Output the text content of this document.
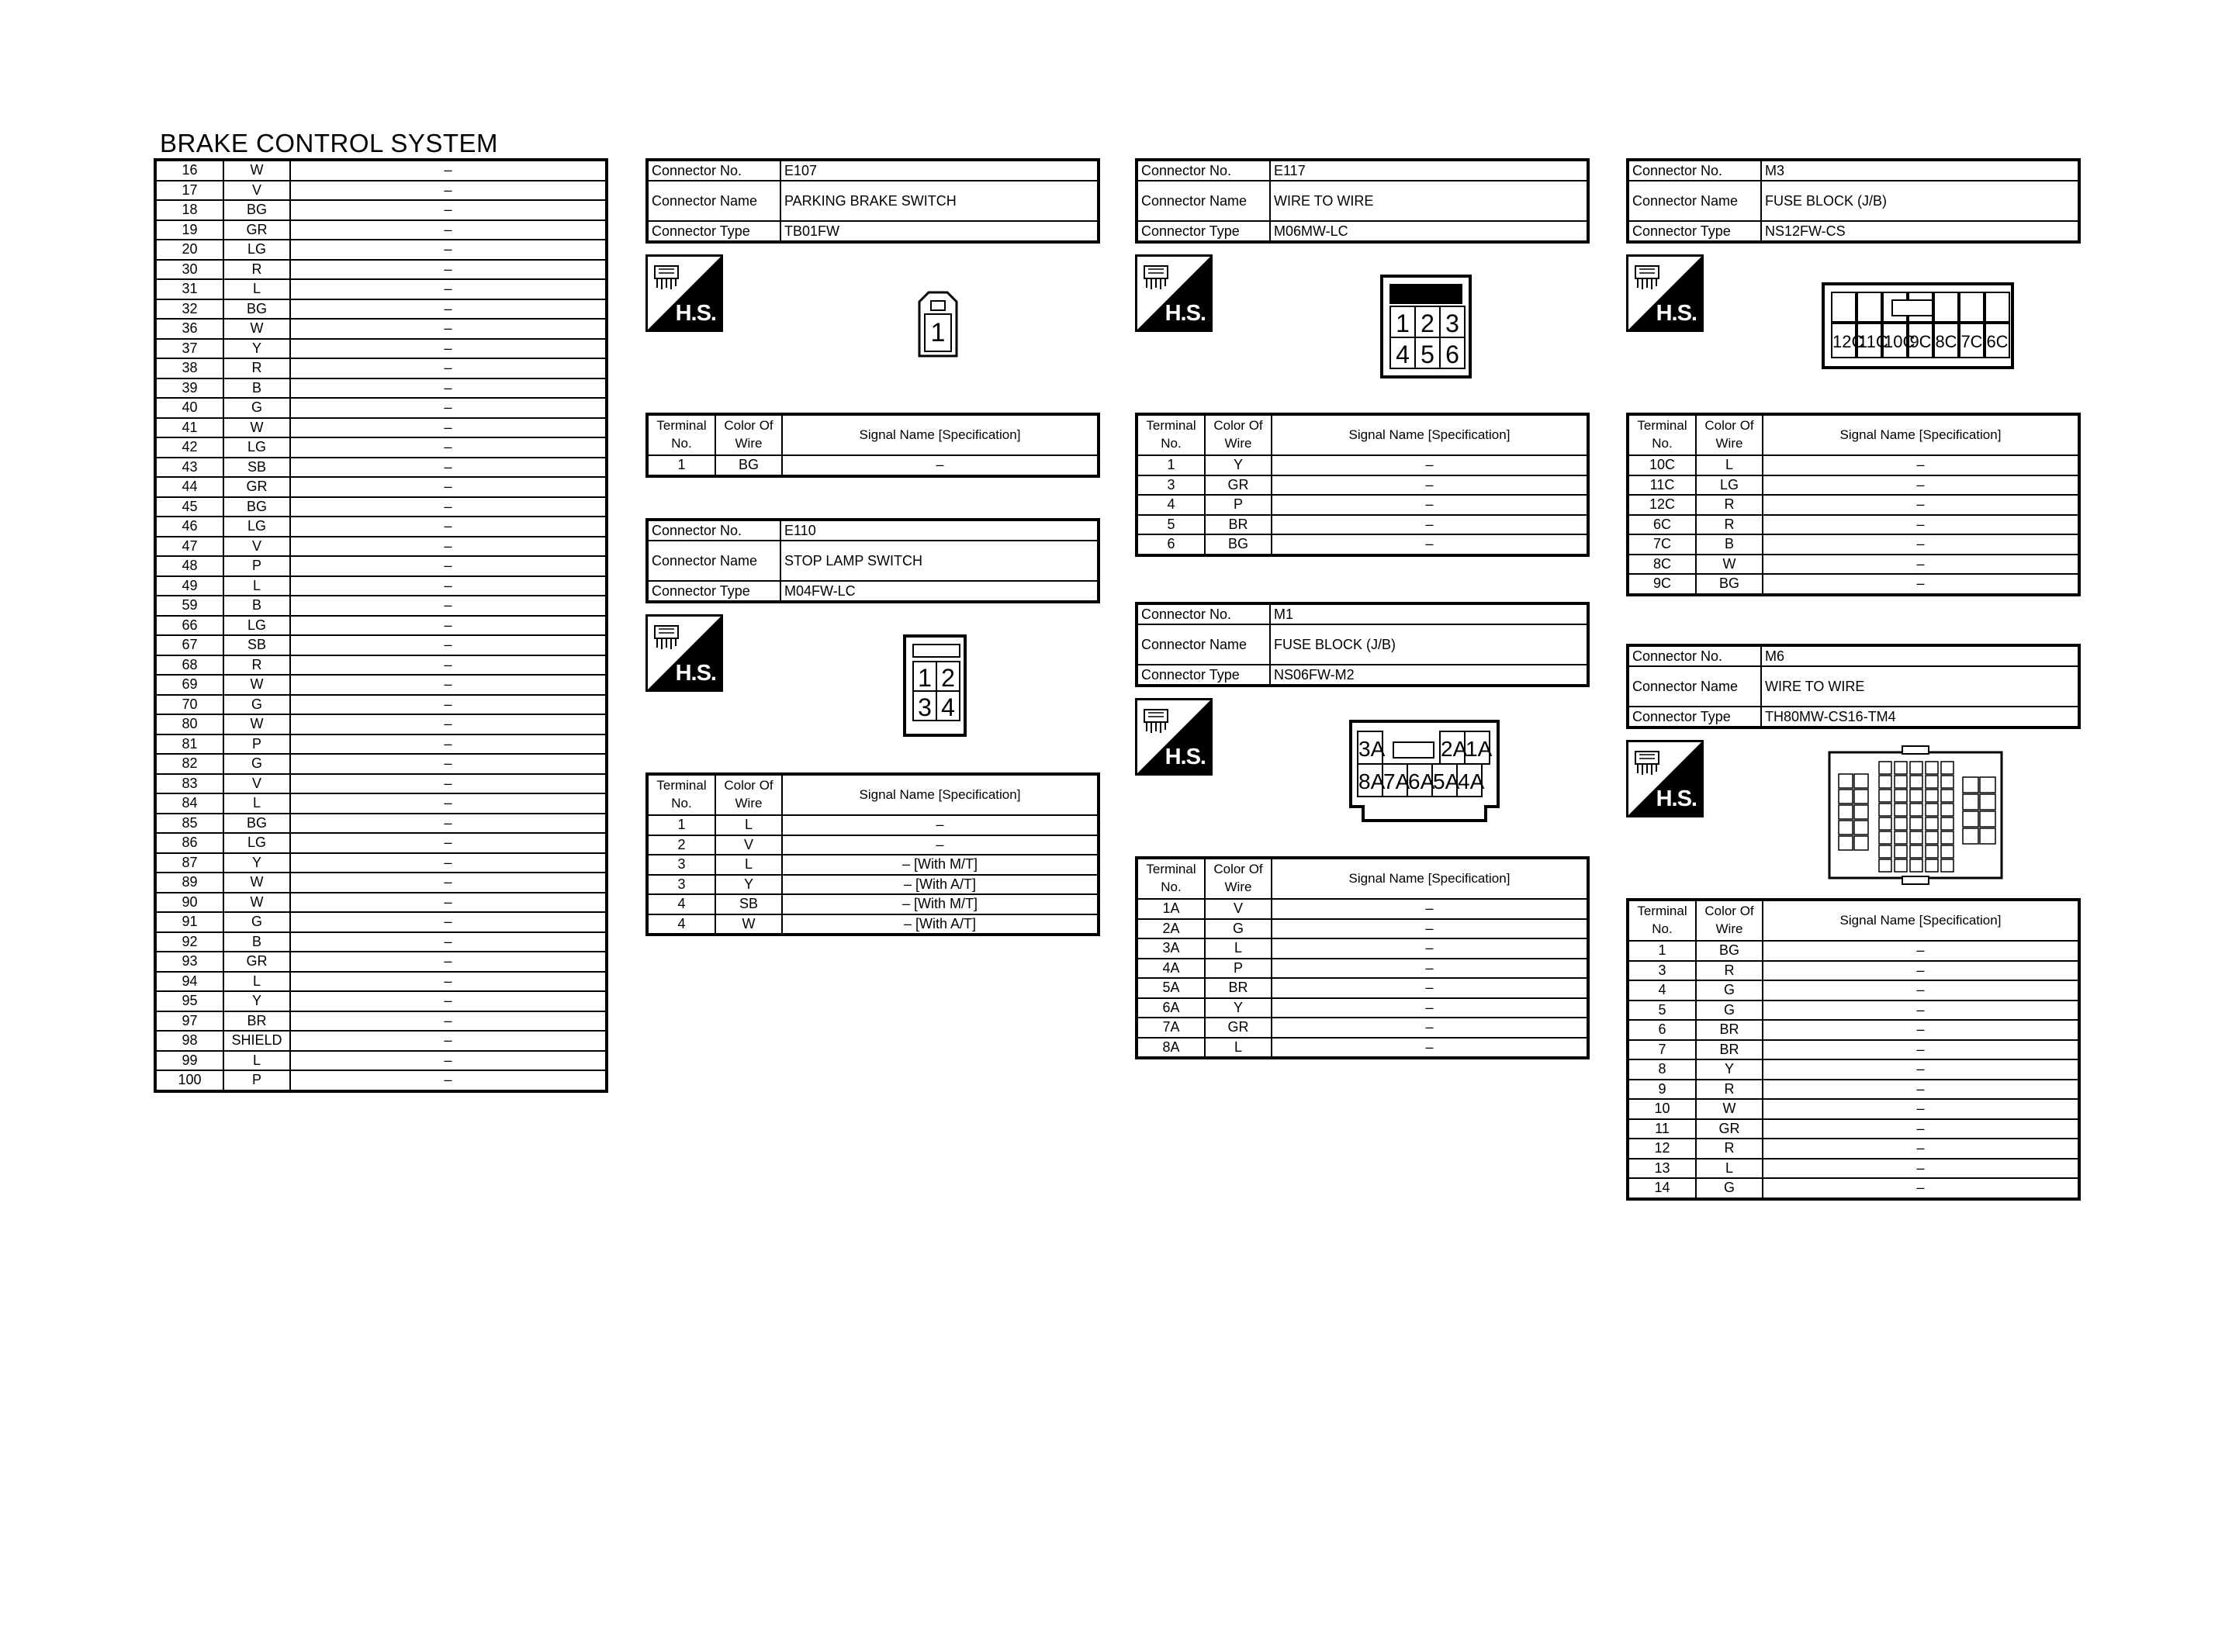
BRAKE CONTROL SYSTEM
16	W	–
17	V	–
18	BG	–
19	GR	–
20	LG	–
30	R	–
31	L	–
32	BG	–
36	W	–
37	Y	–
38	R	–
39	B	–
40	G	–
41	W	–
42	LG	–
43	SB	–
44	GR	–
45	BG	–
46	LG	–
47	V	–
48	P	–
49	L	–
59	B	–
66	LG	–
67	SB	–
68	R	–
69	W	–
70	G	–
80	W	–
81	P	–
82	G	–
83	V	–
84	L	–
85	BG	–
86	LG	–
87	Y	–
89	W	–
90	W	–
91	G	–
92	B	–
93	GR	–
94	L	–
95	Y	–
97	BR	–
98	SHIELD	–
99	L	–
100	P	–
Connector No.	E107
Connector Name	PARKING BRAKE SWITCH
Connector Type	TB01FW
H.S.
1
Terminal No.	Color Of Wire	Signal Name [Specification]
1	BG	–
Connector No.	E110
Connector Name	STOP LAMP SWITCH
Connector Type	M04FW-LC
H.S.	1 2
3 4
Terminal No.	Color Of Wire	Signal Name [Specification]
1	L	–
2	V	–
3	L	– [With M/T]
3	Y	– [With A/T]
4	SB	– [With M/T]
4	W	– [With A/T]
Connector No.	E117
Connector Name	WIRE TO WIRE
Connector Type	M06MW-LC
H.S.	1 2 3
4 5 6
Terminal No.	Color Of Wire	Signal Name [Specification]
1	Y	–
3	GR	–
4	P	–
5	BR	–
6	BG	–
Connector No.	M1
Connector Name	FUSE BLOCK (J/B)
Connector Type	NS06FW-M2
H.S.	3A	2A
1A
8A
7A
6A
5A
4A
Terminal No.	Color Of Wire	Signal Name [Specification]
1A	V	–
2A	G	–
3A	L	–
4A	P	–
5A	BR	–
6A	Y	–
7A	GR	–
8A	L	–
Connector No.	M3
Connector Name	FUSE BLOCK (J/B)
Connector Type	NS12FW-CS
H.S.
12C
11C
10C
9C 8C 7C 6C
Terminal No.	Color Of Wire	Signal Name [Specification]
10C	L	–
11C	LG	–
12C	R	–
6C	R	–
7C	B	–
8C	W	–
9C	BG	–
Connector No.	M6
Connector Name	WIRE TO WIRE
Connector Type	TH80MW-CS16-TM4
H.S.
Terminal No.	Color Of Wire	Signal Name [Specification]
1	BG	–
3	R	–
4	G	–
5	G	–
6	BR	–
7	BR	–
8	Y	–
9	R	–
10	W	–
11	GR	–
12	R	–
13	L	–
14	G	–
